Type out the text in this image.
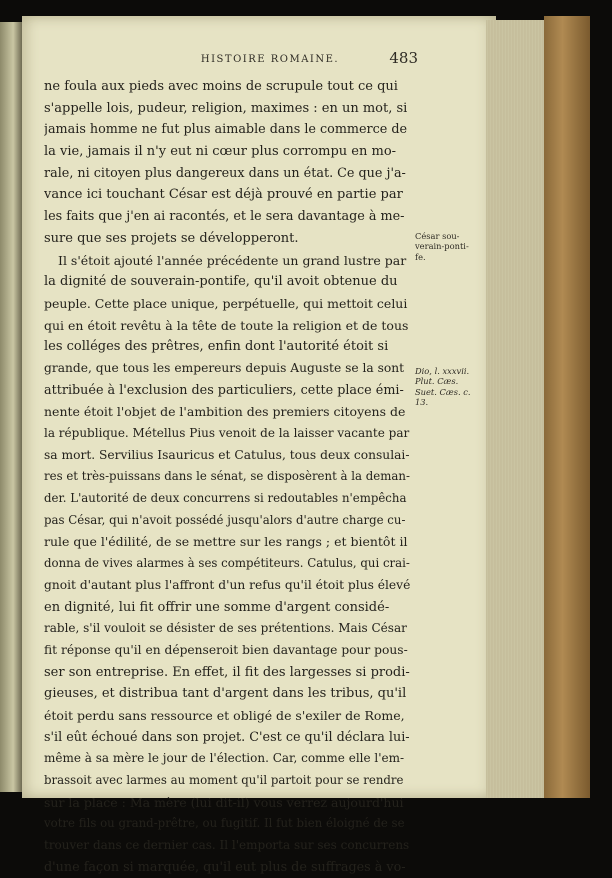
HISTOIRE ROMAINE.	483
ne foula aux pieds avec moins de scrupule tout ce qui
s'appelle lois, pudeur, religion, maximes : en un mot, si
jamais homme ne fut plus aimable dans le commerce de
la vie, jamais il n'y eut ni cœur plus corrompu en mo-
rale, ni citoyen plus dangereux dans un état. Ce que j'a-
vance ici touchant César est déjà prouvé en partie par
les faits que j'en ai racontés, et le sera davantage à me-
sure que ses projets se développeront.
Il s'étoit ajouté l'année précédente un grand lustre par
la dignité de souverain-pontife, qu'il avoit obtenue du
peuple. Cette place unique, perpétuelle, qui mettoit celui
qui en étoit revêtu à la tête de toute la religion et de tous
les colléges des prêtres, enfin dont l'autorité étoit si
grande, que tous les empereurs depuis Auguste se la sont
attribuée à l'exclusion des particuliers, cette place émi-
nente étoit l'objet de l'ambition des premiers citoyens de
la république. Métellus Pius venoit de la laisser vacante par
sa mort. Servilius Isauricus et Catulus, tous deux consulai-
res et très-puissans dans le sénat, se disposèrent à la deman-
der. L'autorité de deux concurrens si redoutables n'empêcha
pas César, qui n'avoit possédé jusqu'alors d'autre charge cu-
rule que l'édilité, de se mettre sur les rangs ; et bientôt il
donna de vives alarmes à ses compétiteurs. Catulus, qui crai-
gnoit d'autant plus l'affront d'un refus qu'il étoit plus élevé
en dignité, lui fit offrir une somme d'argent considé-
rable, s'il vouloit se désister de ses prétentions. Mais César
fit réponse qu'il en dépenseroit bien davantage pour pous-
ser son entreprise. En effet, il fit des largesses si prodi-
gieuses, et distribua tant d'argent dans les tribus, qu'il
étoit perdu sans ressource et obligé de s'exiler de Rome,
s'il eût échoué dans son projet. C'est ce qu'il déclara lui-
même à sa mère le jour de l'élection. Car, comme elle l'em-
brassoit avec larmes au moment qu'il partoit pour se rendre
sur la place : Ma mère (lui dit-il) vous verrez aujourd'hui
votre fils ou grand-prêtre, ou fugitif. Il fut bien éloigné de se
trouver dans ce dernier cas. Il l'emporta sur ses concurrens
d'une façon si marquée, qu'il eut plus de suffrages à vo-
César sou-
verain-ponti-
fe.
Dio, l. xxxvii.
Plut. Cæs.
Suet. Cæs. c.
13.
